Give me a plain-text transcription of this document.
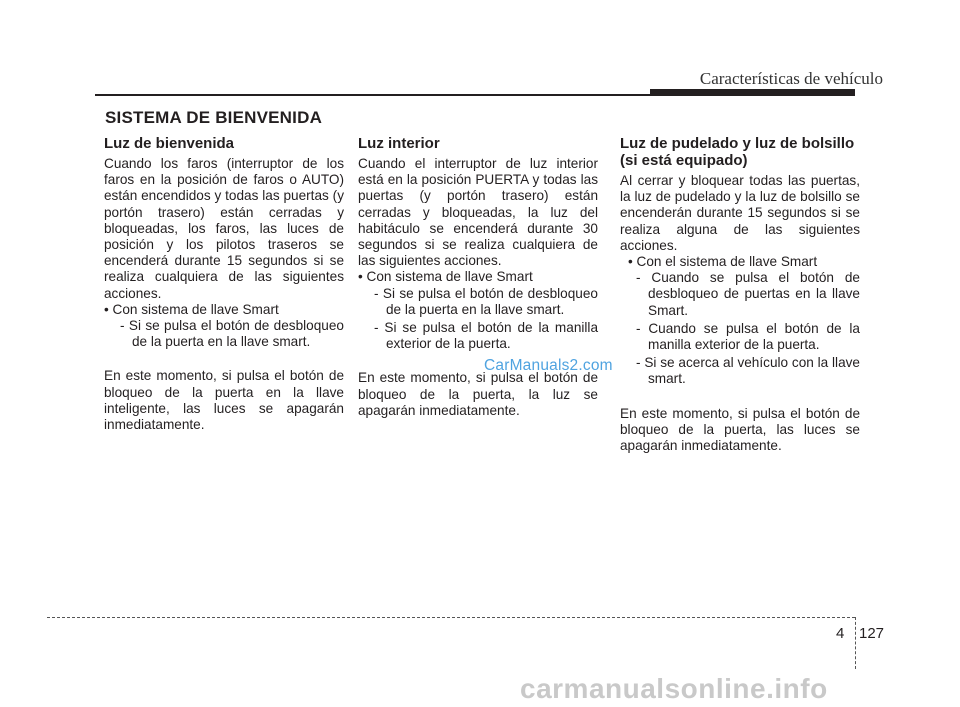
Características de vehículo
SISTEMA DE BIENVENIDA
Luz de bienvenida

Cuando los faros (interruptor de los faros en la posición de faros o AUTO) están encendidos y todas las puertas (y portón trasero) están cerradas y bloqueadas, los faros, las luces de posición y los pilotos traseros se encenderá durante 15 segundos si se realiza cualquiera de las siguientes acciones.

• Con sistema de llave Smart

- Si se pulsa el botón de desbloqueo de la puerta en la llave smart.

En este momento, si pulsa el botón de bloqueo de la puerta en la llave inteligente, las luces se apagarán inmediatamente.

Luz interior

Cuando el interruptor de luz interior está en la posición PUERTA y todas las puertas (y portón trasero) están cerradas y bloqueadas, la luz del habitáculo se encenderá durante 30 segundos si se realiza cualquiera de las siguientes acciones.

• Con sistema de llave Smart

- Si se pulsa el botón de desbloqueo de la puerta en la llave smart.

- Si se pulsa el botón de la manilla exterior de la puerta.

En este momento, si pulsa el botón de bloqueo de la puerta, la luz se apagarán inmediatamente.

Luz de pudelado y luz de bolsillo (si está equipado)

Al cerrar y bloquear todas las puertas, la luz de pudelado y la luz de bolsillo se encenderán durante 15 segundos si se realiza alguna de las siguientes acciones.

• Con el sistema de llave Smart

- Cuando se pulsa el botón de desbloqueo de puertas en la llave Smart.

- Cuando se pulsa el botón de la manilla exterior de la puerta.

- Si se acerca al vehículo con la llave smart.

En este momento, si pulsa el botón de bloqueo de la puerta, las luces se apagarán inmediatamente.

CarManuals2.com
4 127
carmanualsonline.info
